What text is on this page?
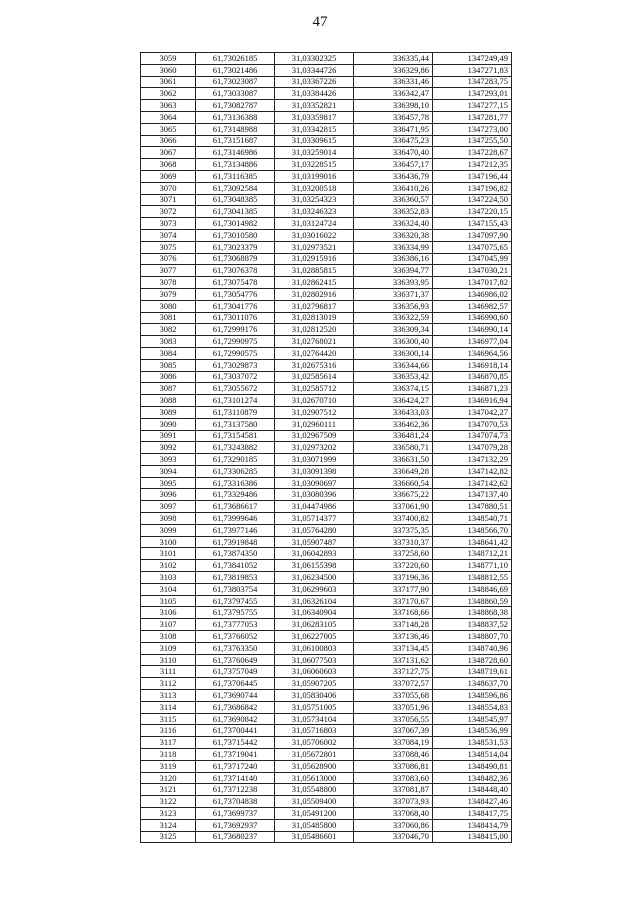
47
3059	61,73026185	31,03302325	336335,44	1347249,49
3060	61,73021486	31,03344726	336329,86	1347271,83
3061	61,73023087	31,03367226	336331,46	1347283,75
3062	61,73033087	31,03384426	336342,47	1347293,01
3063	61,73082787	31,03352821	336398,10	1347277,15
3064	61,73136388	31,03359817	336457,78	1347281,77
3065	61,73148988	31,03342815	336471,95	1347273,00
3066	61,73151687	31,03309615	336475,23	1347255,50
3067	61,73146986	31,03259014	336470,40	1347228,67
3068	61,73134886	31,03228515	336457,17	1347212,35
3069	61,73116385	31,03199016	336436,79	1347196,44
3070	61,73092584	31,03200518	336410,26	1347196,82
3071	61,73048385	31,03254323	336360,57	1347224,50
3072	61,73041385	31,03246323	336352,83	1347220,15
3073	61,73014982	31,03124724	336324,40	1347155,43
3074	61,73010580	31,03016022	336320,38	1347097,90
3075	61,73023379	31,02973521	336334,99	1347075,65
3076	61,73068879	31,02915916	336386,16	1347045,99
3077	61,73076378	31,02885815	336394,77	1347030,21
3078	61,73075478	31,02862415	336393,95	1347017,82
3079	61,73054776	31,02802916	336371,37	1346986,02
3080	61,73041776	31,02796817	336356,93	1346982,57
3081	61,73011076	31,02813019	336322,59	1346990,60
3082	61,72999176	31,02812520	336309,34	1346990,14
3083	61,72990975	31,02768021	336300,40	1346977,04
3084	61,72990575	31,02764420	336300,14	1346964,56
3085	61,73029873	31,02675316	336344,66	1346918,14
3086	61,73037072	31,02585614	336353,42	1346870,85
3087	61,73055672	31,02585712	336374,15	1346871,23
3088	61,73101274	31,02670710	336424,27	1346916,94
3089	61,73110879	31,02907512	336433,03	1347042,27
3090	61,73137580	31,02960111	336462,36	1347070,53
3091	61,73154581	31,02967509	336481,24	1347074,73
3092	61,73243882	31,02973202	336580,71	1347079,28
3093	61,73290185	31,03071999	336631,50	1347132,29
3094	61,73306285	31,03091398	336649,28	1347142,82
3095	61,73316386	31,03090697	336660,54	1347142,62
3096	61,73329486	31,03080396	336675,22	1347137,40
3097	61,73686617	31,04474986	337061,90	1347880,51
3098	61,73999646	31,05714377	337400,82	1348540,71
3099	61,73977146	31,05764280	337375,35	1348566,70
3100	61,73919848	31,05907487	337310,37	1348641,42
3101	61,73874350	31,06042893	337258,60	1348712,21
3102	61,73841052	31,06155398	337220,60	1348771,10
3103	61,73819853	31,06234500	337196,36	1348812,55
3104	61,73803754	31,06299603	337177,90	1348846,69
3105	61,73797455	31,06326104	337170,67	1348860,59
3106	61,73795755	31,06340904	337168,66	1348868,38
3107	61,73777053	31,06283105	337148,28	1348837,52
3108	61,73766052	31,06227005	337136,46	1348807,70
3109	61,73763350	31,06100803	337134,45	1348740,96
3110	61,73760649	31,06077503	337131,62	1348728,60
3111	61,73757049	31,06060603	337127,75	1348719,61
3112	61,73706445	31,05907205	337072,57	1348637,70
3113	61,73690744	31,05830406	337055,68	1348596,86
3114	61,73686842	31,05751005	337051,96	1348554,83
3115	61,73690842	31,05734104	337056,55	1348545,97
3116	61,73700441	31,05716803	337067,39	1348536,99
3117	61,73715442	31,05706002	337084,19	1348531,53
3118	61,73719041	31,05672801	337088,46	1348514,04
3119	61,73717240	31,05628900	337086,81	1348490,81
3120	61,73714140	31,05613000	337083,60	1348482,36
3121	61,73712238	31,05548800	337081,87	1348448,40
3122	61,73704838	31,05509400	337073,93	1348427,46
3123	61,73699737	31,05491200	337068,40	1348417,75
3124	61,73692937	31,05485800	337060,86	1348414,79
3125	61,73680237	31,05486601	337046,70	1348415,00
